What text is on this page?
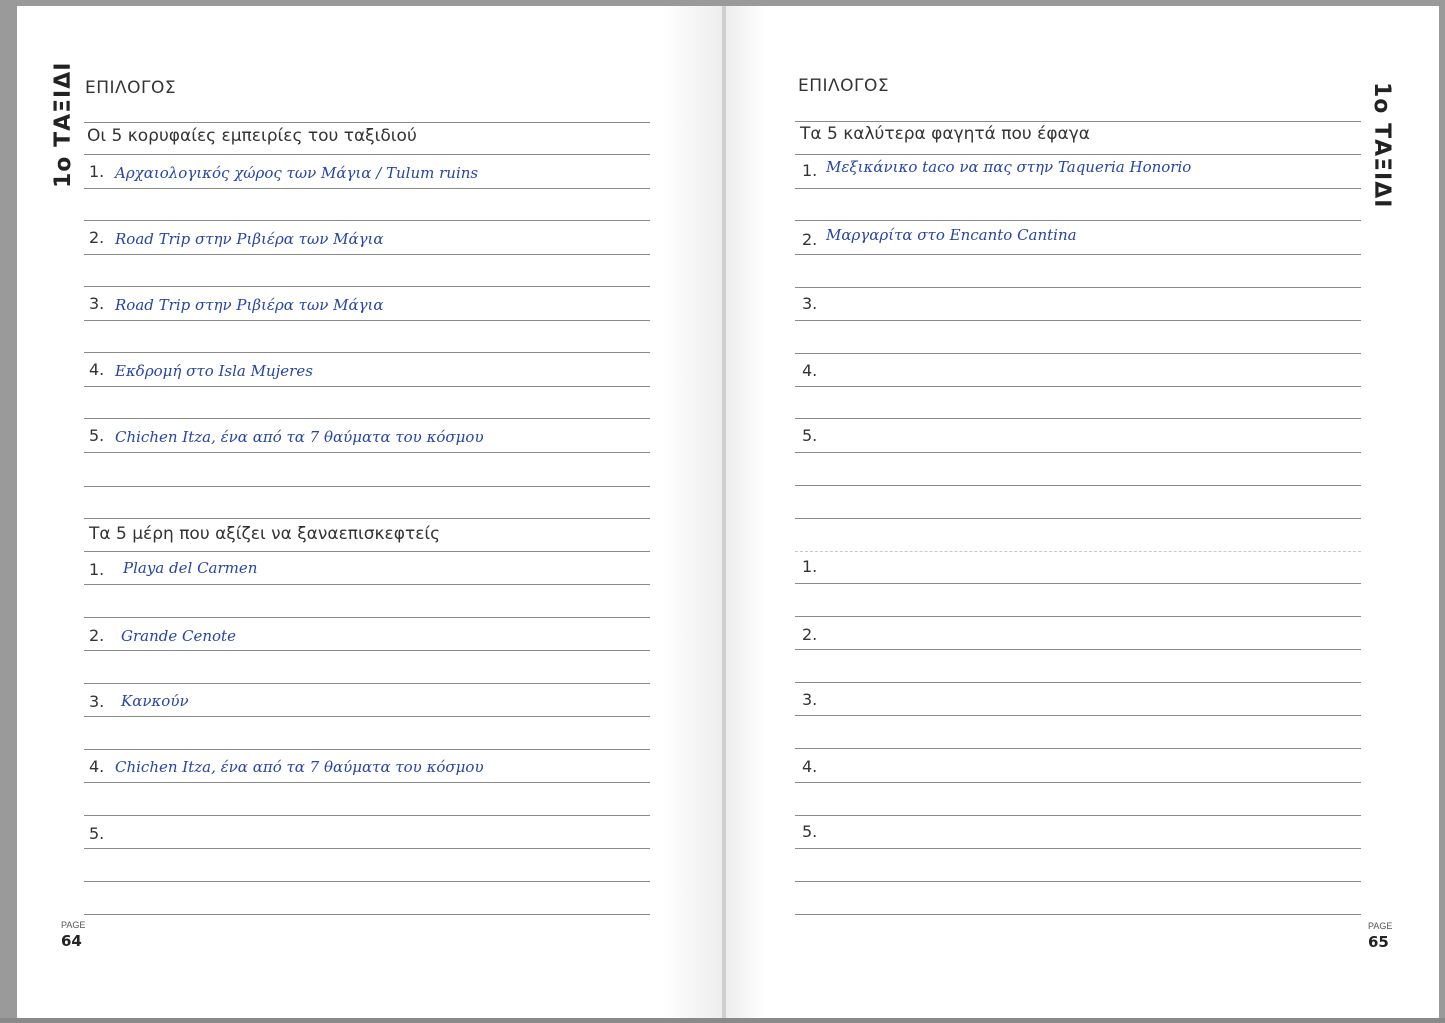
1ο ΤΑΞΙΔΙ ΕΠΙΛΟΓΟΣ
Οι 5 κορυφαίες εμπειρίες του ταξιδιού
1. Αρχαιολογικός χώρος των Μάγια / Tulum ruins
2. Road Trip στην Ριβιέρα των Μάγια
3. Road Trip στην Ριβιέρα των Μάγια
4. Εκδρομή στο Isla Mujeres
5. Chichen Itza, ένα από τα 7 θαύματα του κόσμου
Τα 5 μέρη που αξίζει να ξαναεπισκεφτείς
1. Playa del Carmen
2. Grande Cenote
3. Κανκούν
4. Chichen Itza, ένα από τα 7 θαύματα του κόσμου
5.
PAGE
64
1ο ΤΑΞΙΔΙ
ΕΠΙΛΟΓΟΣ
Τα 5 καλύτερα φαγητά που έφαγα
1. Μεξικάνικο taco να πας στην Taqueria Honorio
2. Μαργαρίτα στο Encanto Cantina
3.
4.
5.
1.
2.
3.
4.
5.
PAGE
65
